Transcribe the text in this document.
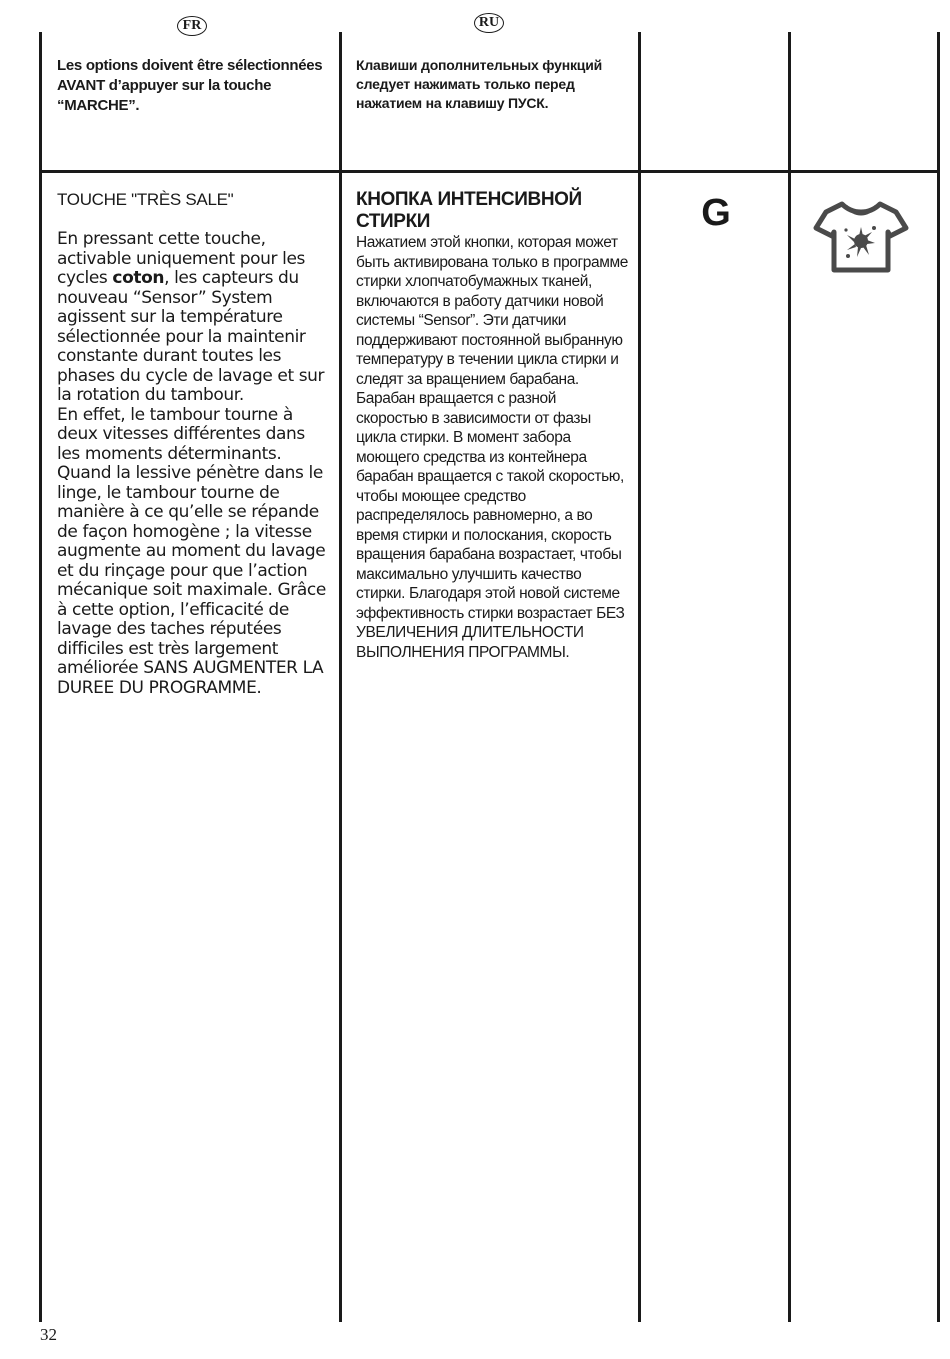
FR	RU
Les options doivent être sélectionnées AVANT d’appuyer sur la touche “MARCHE”.
Клавиши дополнительных функций следует нажимать только перед нажатием на клавишу ПУСК.
TOUCHE "TRÈS SALE"
En pressant cette touche, activable uniquement pour les cycles coton, les capteurs du nouveau “Sensor” System agissent sur la température sélectionnée pour la maintenir constante durant toutes les phases du cycle de lavage et sur la rotation du tambour.
En effet, le tambour tourne à deux vitesses différentes dans les moments déterminants. Quand la lessive pénètre dans le linge, le tambour tourne de manière à ce qu’elle se répande de façon homogène ; la vitesse augmente au moment du lavage et du rinçage pour que l’action mécanique soit maximale. Grâce à cette option, l’efficacité de lavage des taches réputées difficiles est très largement améliorée SANS AUGMENTER LA DUREE DU PROGRAMME.
КНОПКА ИНТЕНСИВНОЙ СТИРКИ
Нажатием этой кнопки, которая может быть активирована только в программе стирки хлопчатобумажных тканей, включаются в работу датчики новой системы “Sensor”. Эти датчики поддерживают постоянной выбранную температуру в течении цикла стирки и следят за вращением барабана.
Барабан вращается с разной скоростью в зависимости от фазы цикла стирки. В момент забора моющего средства из контейнера барабан вращается с такой скоростью, чтобы моющее средство распределялось равномерно, а во время стирки и полоскания, скорость вращения барабана возрастает, чтобы максимально улучшить качество стирки. Благодаря этой новой системе эффективность стирки возрастает БЕЗ УВЕЛИЧЕНИЯ ДЛИТЕЛЬНОСТИ ВЫПОЛНЕНИЯ ПРОГРАММЫ.
G
32
